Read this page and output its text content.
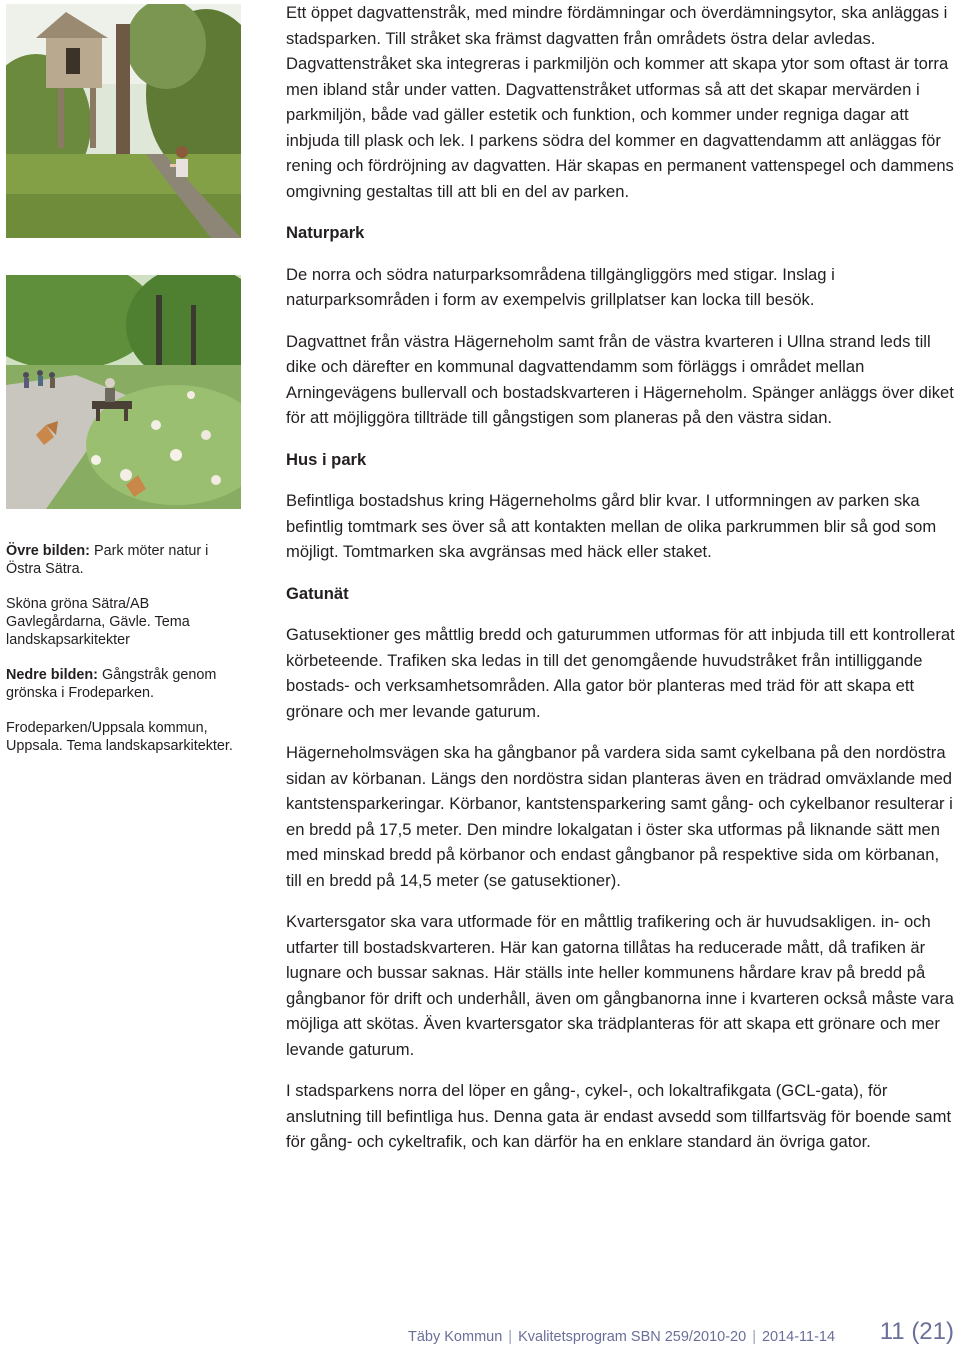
Övre bilden: Park möter natur i Östra Sätra.

Sköna gröna Sätra/AB Gavlegårdarna, Gävle. Tema landskapsarkitekter

Nedre bilden: Gångstråk genom grönska i Frodeparken.

Frodeparken/Uppsala kommun, Uppsala. Tema landskapsarkitekter.

Ett öppet dagvattenstråk, med mindre fördämningar och överdämningsytor, ska anläggas i stadsparken. Till stråket ska främst dagvatten från områdets östra delar avledas. Dagvattenstråket ska integreras i parkmiljön och kommer att skapa ytor som oftast är torra men ibland står under vatten. Dagvattenstråket utformas så att det skapar mervärden i parkmiljön, både vad gäller estetik och funktion, och kommer under regniga dagar att inbjuda till plask och lek. I parkens södra del kommer en dagvattendamm att anläggas för rening och fördröjning av dagvatten. Här skapas en permanent vattenspegel och dammens omgivning gestaltas till att bli en del av parken.

Naturpark

De norra och södra naturparksområdena tillgängliggörs med stigar. Inslag i naturparksområden i form av exempelvis grillplatser kan locka till besök.

Dagvattnet från västra Hägerneholm samt från de västra kvarteren i Ullna strand leds till dike och därefter en kommunal dagvattendamm som förläggs i området mellan Arningevägens bullervall och bostadskvarteren i Hägerneholm. Spänger anläggs över diket för att möjliggöra tillträde till gångstigen som planeras på den västra sidan.

Hus i park

Befintliga bostadshus kring Hägerneholms gård blir kvar. I utformningen av parken ska befintlig tomtmark ses över så att kontakten mellan de olika parkrummen blir så god som möjligt. Tomtmarken ska avgränsas med häck eller staket.

Gatunät

Gatusektioner ges måttlig bredd och gaturummen utformas för att inbjuda till ett kontrollerat körbeteende. Trafiken ska ledas in till det genomgående huvudstråket från intilliggande bostads- och verksamhetsområden. Alla gator bör planteras med träd för att skapa ett grönare och mer levande gaturum.

Hägerneholmsvägen ska ha gångbanor på vardera sida samt cykelbana på den nordöstra sidan av körbanan. Längs den nordöstra sidan planteras även en trädrad omväxlande med kantstensparkeringar. Körbanor, kantstensparkering samt gång- och cykelbanor resulterar i en bredd på 17,5 meter. Den mindre lokalgatan i öster ska utformas på liknande sätt men med minskad bredd på körbanor och endast gångbanor på respektive sida om körbanan, till en bredd på 14,5 meter (se gatusektioner).

Kvartersgator ska vara utformade för en måttlig trafikering och är huvudsakligen. in- och utfarter till bostadskvarteren. Här kan gatorna tillåtas ha reducerade mått, då trafiken är lugnare och bussar saknas. Här ställs inte heller kommunens hårdare krav på bredd på gångbanor för drift och underhåll, även om gångbanorna inne i kvarteren också måste vara möjliga att skötas. Även kvartersgator ska trädplanteras för att skapa ett grönare och mer levande gaturum.

I stadsparkens norra del löper en gång-, cykel-, och lokaltrafikgata (GCL-gata), för anslutning till befintliga hus. Denna gata är endast avsedd som tillfartsväg för boende samt för gång- och cykeltrafik, och kan därför ha en enklare standard än övriga gator.

Täby Kommun | Kvalitetsprogram SBN 259/2010-20 | 2014-11-14 11 (21)
